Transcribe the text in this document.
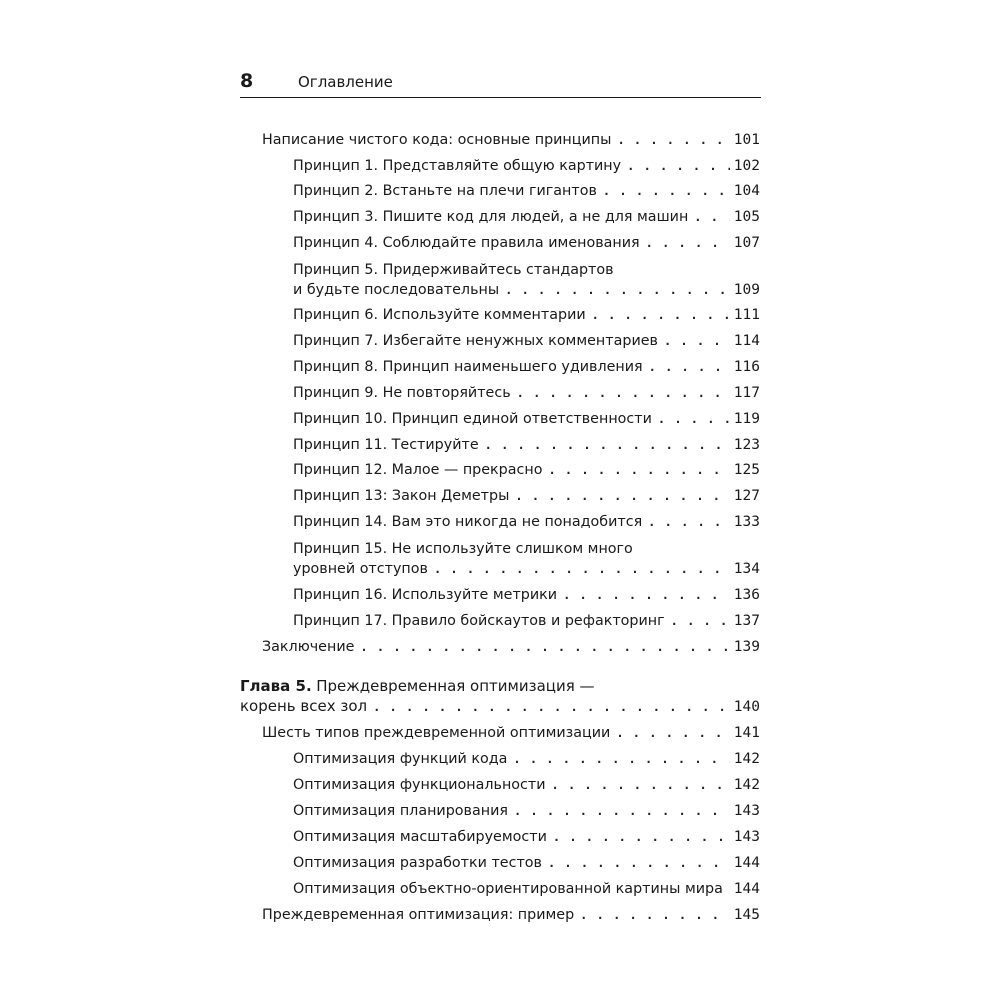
8	Оглавление
Написание чистого кода: основные принципы . . .	101
Принцип 1. Представляйте общую картину . . .	102
Принцип 2. Встаньте на плечи гигантов . . .	104
Принцип 3. Пишите код для людей, а не для машин . . .	105
Принцип 4. Соблюдайте правила именования . . .	107
Принцип 5. Придерживайтесь стандартов
и будьте последовательны . . .	109
Принцип 6. Используйте комментарии . . .	111
Принцип 7. Избегайте ненужных комментариев . . .	114
Принцип 8. Принцип наименьшего удивления . . .	116
Принцип 9. Не повторяйтесь . . .	117
Принцип 10. Принцип единой ответственности . . .	119
Принцип 11. Тестируйте . . .	123
Принцип 12. Малое — прекрасно . . .	125
Принцип 13: Закон Деметры . . .	127
Принцип 14. Вам это никогда не понадобится . . .	133
Принцип 15. Не используйте слишком много
уровней отступов . . .	134
Принцип 16. Используйте метрики . . .	136
Принцип 17. Правило бойскаутов и рефакторинг . . .	137
Заключение . . .	139
Глава 5. Преждевременная оптимизация —
корень всех зол . . .	140
Шесть типов преждевременной оптимизации . . .	141
Оптимизация функций кода . . .	142
Оптимизация функциональности . . .	142
Оптимизация планирования . . .	143
Оптимизация масштабируемости . . .	143
Оптимизация разработки тестов . . .	144
Оптимизация объектно-ориентированной картины мира . . . 144
Преждевременная оптимизация: пример . . .	145
